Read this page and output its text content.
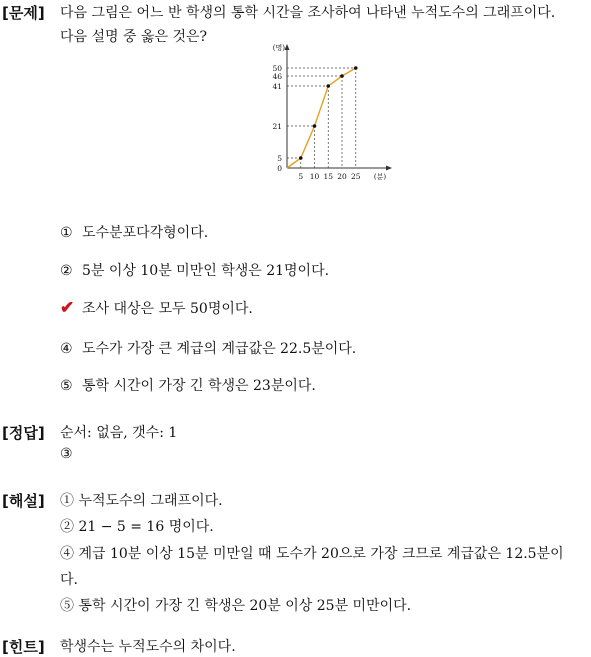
[문제] 다음 그림은 어느 반 학생의 통학 시간을 조사하여 나타낸 누적도수의 그래프이다.
다음 설명 중 옳은 것은?
0
5
21
41
46
50
5 10 15 20 25
(명)
(분)
① 도수분포다각형이다.
② 5분 이상 10분 미만인 학생은 21명이다.
✔ 조사 대상은 모두 50명이다.
④ 도수가 가장 큰 계급의 계급값은 22.5분이다.
⑤ 통학 시간이 가장 긴 학생은 23분이다.
[정답] 순서: 없음, 갯수: 1
③
[해설] ① 누적도수의 그래프이다.
② 21 − 5 = 16 명이다.
④ 계급 10분 이상 15분 미만일 때 도수가 20으로 가장 크므로 계급값은 12.5분이
다.
⑤ 통학 시간이 가장 긴 학생은 20분 이상 25분 미만이다.
[힌트] 학생수는 누적도수의 차이다.
